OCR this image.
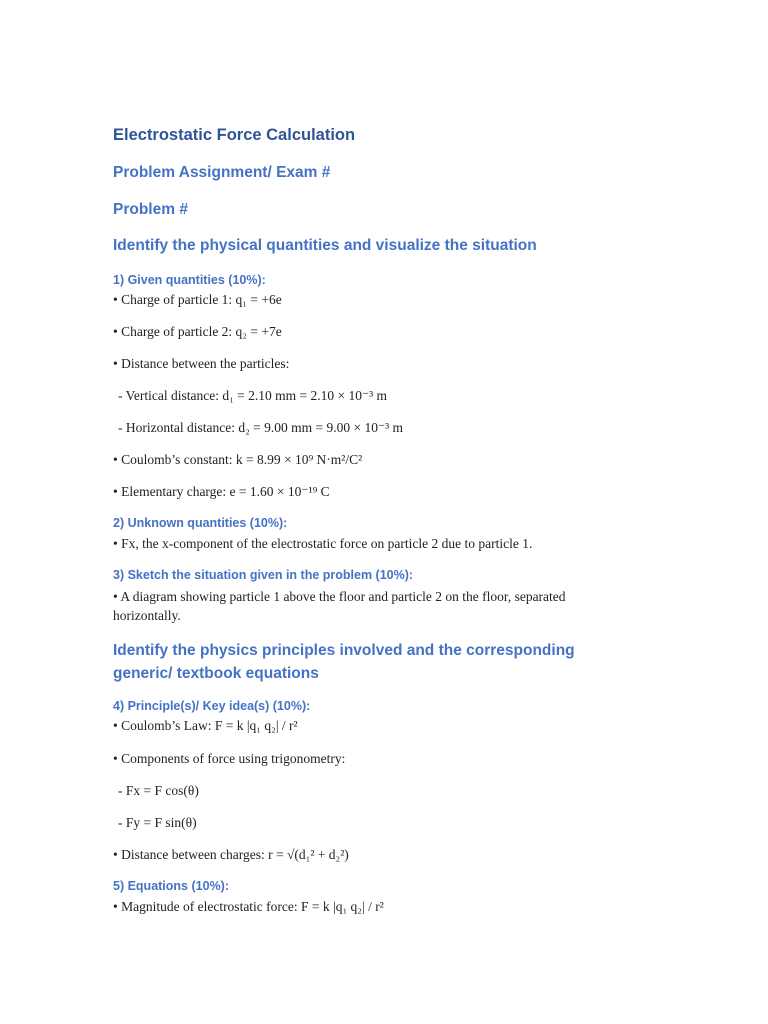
Electrostatic Force Calculation
Problem Assignment/ Exam #
Problem #
Identify the physical quantities and visualize the situation
1) Given quantities (10%):

• Charge of particle 1: q₁ = +6e

• Charge of particle 2: q₂ = +7e

• Distance between the particles:

- Vertical distance: d₁ = 2.10 mm = 2.10 × 10⁻³ m

- Horizontal distance: d₂ = 9.00 mm = 9.00 × 10⁻³ m

• Coulomb’s constant: k = 8.99 × 10⁹ N·m²/C²

• Elementary charge: e = 1.60 × 10⁻¹⁹ C

2) Unknown quantities (10%):

• Fx, the x-component of the electrostatic force on particle 2 due to particle 1.

3) Sketch the situation given in the problem (10%):

• A diagram showing particle 1 above the floor and particle 2 on the floor, separated horizontally.

Identify the physics principles involved and the corresponding generic/ textbook equations
4) Principle(s)/ Key idea(s) (10%):

• Coulomb’s Law: F = k |q₁ q₂| / r²

• Components of force using trigonometry:

- Fx = F cos(θ)

- Fy = F sin(θ)

• Distance between charges: r = √(d₁² + d₂²)

5) Equations (10%):

• Magnitude of electrostatic force: F = k |q₁ q₂| / r²
